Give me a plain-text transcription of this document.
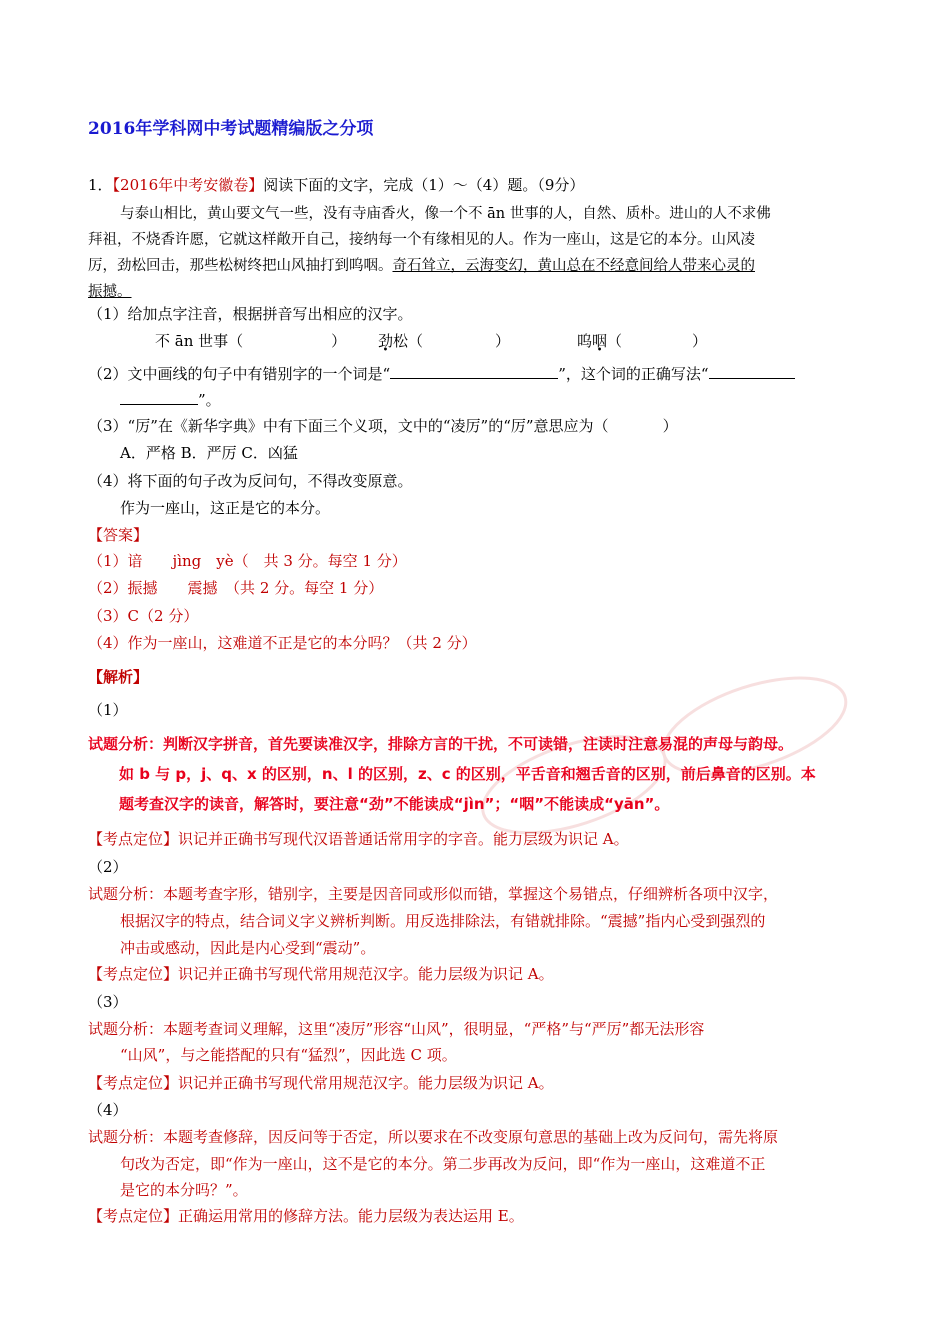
2016年学科网中考试题精编版之分项
1．【2016年中考安徽卷】阅读下面的文字，完成（1）～（4）题。（9分）
与泰山相比，黄山要文气一些，没有寺庙香火，像一个不 ān 世事的人，自然、质朴。进山的人不求佛
拜祖，不烧香许愿，它就这样敞开自己，接纳每一个有缘相见的人。作为一座山，这是它的本分。山风凌
厉，劲松回击，那些松树终把山风抽打到呜咽。奇石耸立，云海变幻，黄山总在不经意间给人带来心灵的
振撼。
（1）给加点字注音，根据拼音写出相应的汉字。
不 ān 世事（	） 劲松（	）	呜咽（	）
（2）文中画线的句子中有错别字的一个词是“	”，这个词的正确写法“
”。
（3）“厉”在《新华字典》中有下面三个义项，文中的“凌厉”的“厉”意思应为（	）
A．严格 B．严厉 C．凶猛
（4）将下面的句子改为反问句，不得改变原意。
作为一座山，这正是它的本分。
【答案】
（1）谙　　jìng　yè（　共 3 分。每空 1 分）
（2）振撼　　震撼　（共 2 分。每空 1 分）
（3）C（2 分）
（4）作为一座山，这难道不正是它的本分吗？（共 2 分）
【解析】
（1）
试题分析：判断汉字拼音，首先要读准汉字，排除方言的干扰，不可读错，注读时注意易混的声母与韵母。
如 b 与 p，j、q、x 的区别，n、l 的区别，z、c 的区别，平舌音和翘舌音的区别，前后鼻音的区别。本
题考查汉字的读音，解答时，要注意“劲”不能读成“jìn”；“咽”不能读成“yān”。
【考点定位】识记并正确书写现代汉语普通话常用字的字音。能力层级为识记 A。
（2）
试题分析：本题考查字形，错别字，主要是因音同或形似而错，掌握这个易错点，仔细辨析各项中汉字，
根据汉字的特点，结合词义字义辨析判断。用反选排除法，有错就排除。“震撼”指内心受到强烈的
冲击或感动，因此是内心受到“震动”。
【考点定位】识记并正确书写现代常用规范汉字。能力层级为识记 A。
（3）
试题分析：本题考查词义理解，这里“凌厉”形容“山风”，很明显，“严格”与“严厉”都无法形容
“山风”，与之能搭配的只有“猛烈”，因此选 C 项。
【考点定位】识记并正确书写现代常用规范汉字。能力层级为识记 A。
（4）
试题分析：本题考查修辞，因反问等于否定，所以要求在不改变原句意思的基础上改为反问句，需先将原
句改为否定，即“作为一座山，这不是它的本分。第二步再改为反问，即“作为一座山，这难道不正
是它的本分吗？”。
【考点定位】正确运用常用的修辞方法。能力层级为表达运用 E。
